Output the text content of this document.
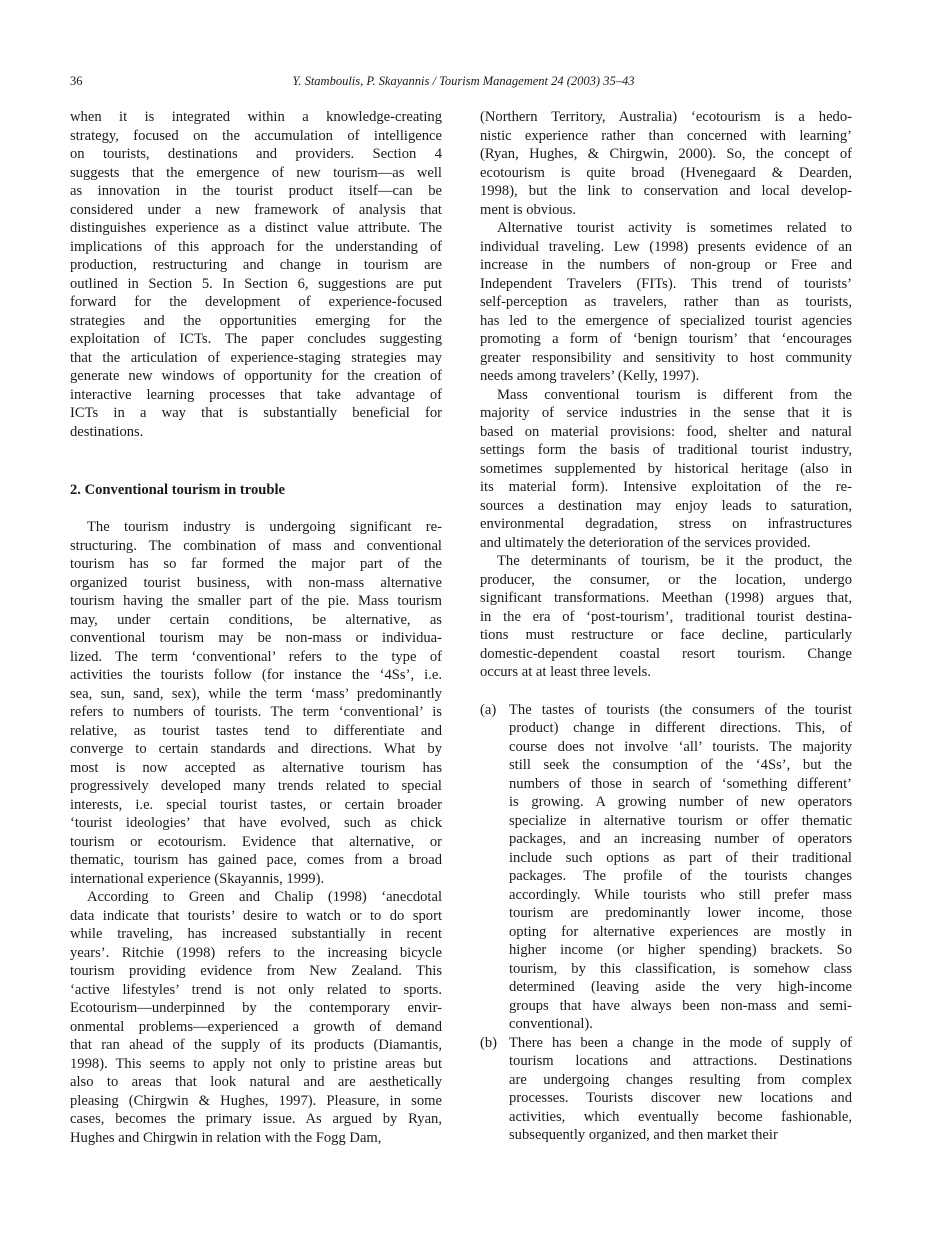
36	Y. Stamboulis, P. Skayannis / Tourism Management 24 (2003) 35–43
when it is integrated within a knowledge-creating
strategy, focused on the accumulation of intelligence
on tourists, destinations and providers. Section 4
suggests that the emergence of new tourism—as well
as innovation in the tourist product itself—can be
considered under a new framework of analysis that
distinguishes experience as a distinct value attribute. The
implications of this approach for the understanding of
production, restructuring and change in tourism are
outlined in Section 5. In Section 6, suggestions are put
forward for the development of experience-focused
strategies and the opportunities emerging for the
exploitation of ICTs. The paper concludes suggesting
that the articulation of experience-staging strategies may
generate new windows of opportunity for the creation of
interactive learning processes that take advantage of
ICTs in a way that is substantially beneficial for
destinations.
2. Conventional tourism in trouble
The tourism industry is undergoing significant re-
structuring. The combination of mass and conventional
tourism has so far formed the major part of the
organized tourist business, with non-mass alternative
tourism having the smaller part of the pie. Mass tourism
may, under certain conditions, be alternative, as
conventional tourism may be non-mass or individua-
lized. The term ‘conventional’ refers to the type of
activities the tourists follow (for instance the ‘4Ss’, i.e.
sea, sun, sand, sex), while the term ‘mass’ predominantly
refers to numbers of tourists. The term ‘conventional’ is
relative, as tourist tastes tend to differentiate and
converge to certain standards and directions. What by
most is now accepted as alternative tourism has
progressively developed many trends related to special
interests, i.e. special tourist tastes, or certain broader
‘tourist ideologies’ that have evolved, such as chick
tourism or ecotourism. Evidence that alternative, or
thematic, tourism has gained pace, comes from a broad
international experience (Skayannis, 1999).
According to Green and Chalip (1998) ‘anecdotal
data indicate that tourists’ desire to watch or to do sport
while traveling, has increased substantially in recent
years’. Ritchie (1998) refers to the increasing bicycle
tourism providing evidence from New Zealand. This
‘active lifestyles’ trend is not only related to sports.
Ecotourism—underpinned by the contemporary envir-
onmental problems—experienced a growth of demand
that ran ahead of the supply of its products (Diamantis,
1998). This seems to apply not only to pristine areas but
also to areas that look natural and are aesthetically
pleasing (Chirgwin & Hughes, 1997). Pleasure, in some
cases, becomes the primary issue. As argued by Ryan,
Hughes and Chirgwin in relation with the Fogg Dam,
(Northern Territory, Australia) ‘ecotourism is a hedo-
nistic experience rather than concerned with learning’
(Ryan, Hughes, & Chirgwin, 2000). So, the concept of
ecotourism is quite broad (Hvenegaard & Dearden,
1998), but the link to conservation and local develop-
ment is obvious.
Alternative tourist activity is sometimes related to
individual traveling. Lew (1998) presents evidence of an
increase in the numbers of non-group or Free and
Independent Travelers (FITs). This trend of tourists’
self-perception as travelers, rather than as tourists,
has led to the emergence of specialized tourist agencies
promoting a form of ‘benign tourism’ that ‘encourages
greater responsibility and sensitivity to host community
needs among travelers’ (Kelly, 1997).
Mass conventional tourism is different from the
majority of service industries in the sense that it is
based on material provisions: food, shelter and natural
settings form the basis of traditional tourist industry,
sometimes supplemented by historical heritage (also in
its material form). Intensive exploitation of the re-
sources a destination may enjoy leads to saturation,
environmental degradation, stress on infrastructures
and ultimately the deterioration of the services provided.
The determinants of tourism, be it the product, the
producer, the consumer, or the location, undergo
significant transformations. Meethan (1998) argues that,
in the era of ‘post-tourism’, traditional tourist destina-
tions must restructure or face decline, particularly
domestic-dependent coastal resort tourism. Change
occurs at at least three levels.
(a) The tastes of tourists (the consumers of the tourist
product) change in different directions. This, of
course does not involve ‘all’ tourists. The majority
still seek the consumption of the ‘4Ss’, but the
numbers of those in search of ‘something different’
is growing. A growing number of new operators
specialize in alternative tourism or offer thematic
packages, and an increasing number of operators
include such options as part of their traditional
packages. The profile of the tourists changes
accordingly. While tourists who still prefer mass
tourism are predominantly lower income, those
opting for alternative experiences are mostly in
higher income (or higher spending) brackets. So
tourism, by this classification, is somehow class
determined (leaving aside the very high-income
groups that have always been non-mass and semi-
conventional).
(b) There has been a change in the mode of supply of
tourism locations and attractions. Destinations
are undergoing changes resulting from complex
processes. Tourists discover new locations and
activities, which eventually become fashionable,
subsequently organized, and then market their
